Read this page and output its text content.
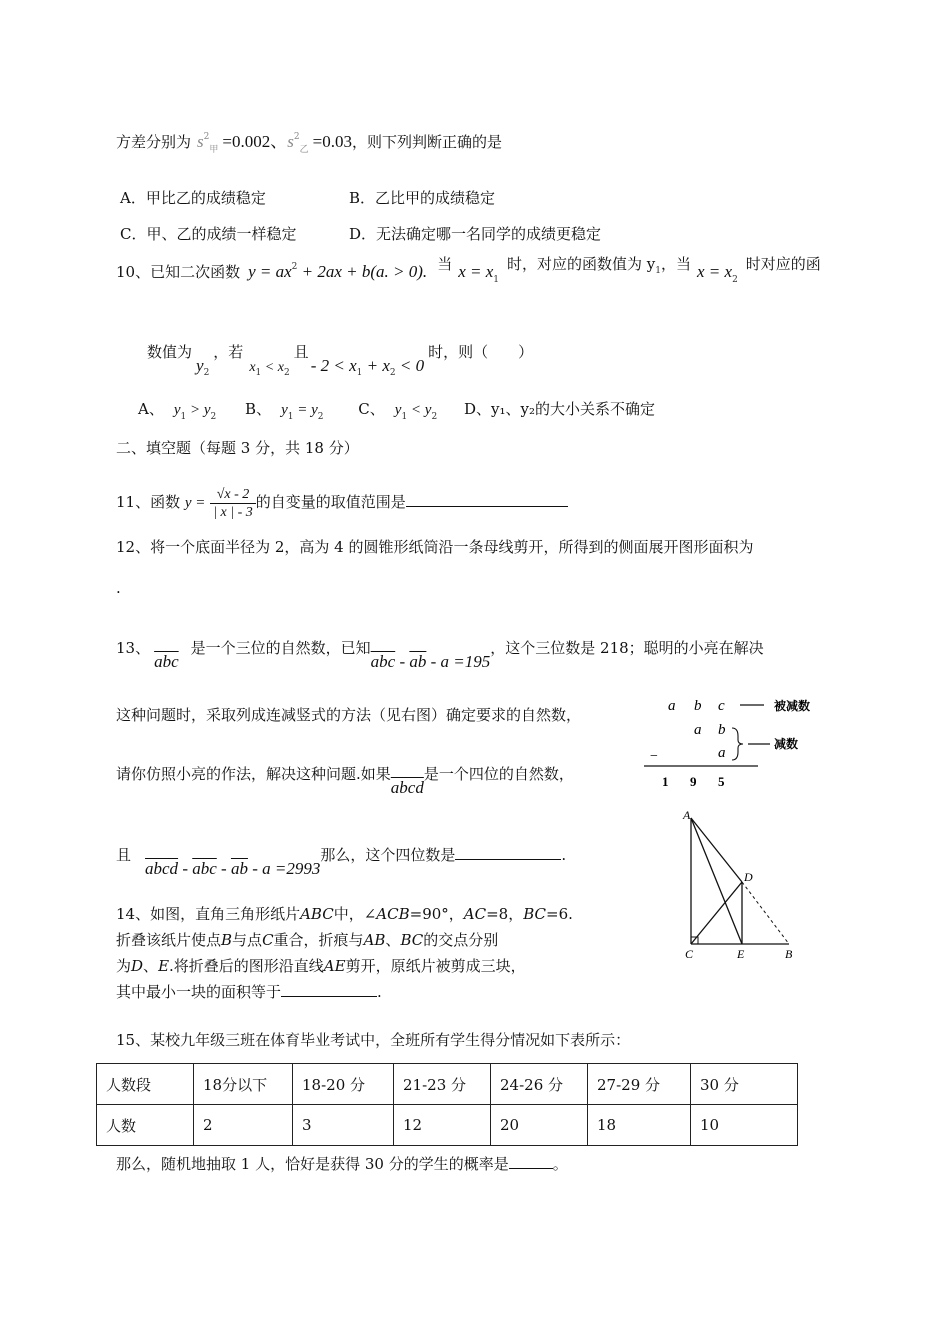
方差分别为 $s^2_甲 =0.002$、$s^2_乙 =0.03$，则下列判断正确的是
A．甲比乙的成绩稳定	B．乙比甲的成绩稳定
C．甲、乙的成绩一样稳定	D．无法确定哪一名同学的成绩更稳定
10、已知二次函数 $y = ax^2 + 2ax + b(a$. > 0). 当 $x = x_1$时，对应的函数值为 $y^1$，当 $x = x_2$时对应的函
数值为$y_2$，若$x_1 < x_2$且- $2 < x_1 + x_2 < 0$时，则（　　）
A、 $y_1 > y_2$ B、 $y_1 = y_2$ C、 $y_1 < y_2$ D、y₁、y₂的大小关系不确定
二、填空题（每题 3 分，共 18 分）
11、函数 $y = \frac{√x - 2}{| x | - 3}$ 的自变量的取值范围是
12、将一个底面半径为 2，高为 4 的圆锥形纸筒沿一条母线剪开，所得到的侧面展开图形面积为
.
13、$\overline{abc}$是一个三位的自然数，已知$\overline{abc} - \overline{ab} - a =195$，这个三位数是 218；聪明的小亮在解决
这种问题时，采取列成连减竖式的方法（见右图）确定要求的自然数，
请你仿照小亮的作法，解决这种问题.如果abcd是一个四位的自然数，
且abcd - $\overline{abc} - \overline{ab} - a =2993$那么，这个四位数是	.
a b c	被减数
a b
a
减数
−
1 9 5
14、如图，直角三角形纸片ABC中，∠ACB=90°，AC=8，BC=6.
折叠该纸片使点B与点C重合，折痕与AB、BC的交点分别
为D、E.将折叠后的图形沿直线AE剪开，原纸片被剪成三块，
其中最小一块的面积等于	.
A
D
C	E	B
15、某校九年级三班在体育毕业考试中，全班所有学生得分情况如下表所示：
人数段	18分以下	18-20 分	21-23 分	24-26 分	27-29 分	30 分
人数	2	3	12	20	18	10
那么，随机地抽取 1 人，恰好是获得 30 分的学生的概率是	。
